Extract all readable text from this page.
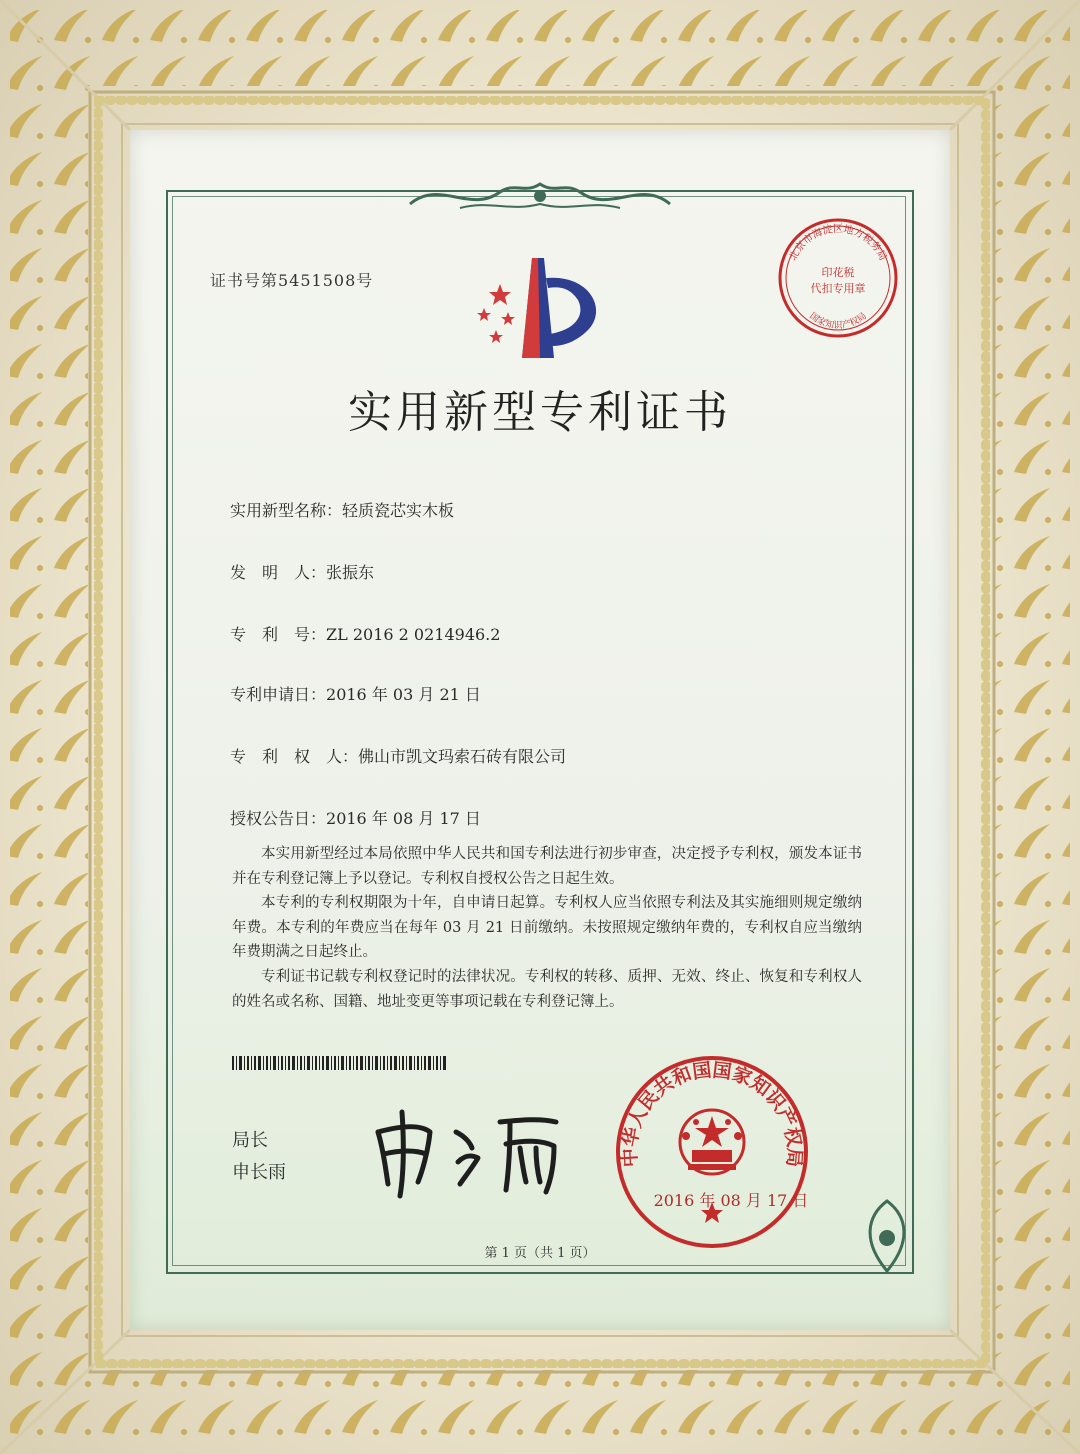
证书号第5451508号
北京市海淀区地方税务局
印花税
代扣专用章
国家知识产权局
实用新型专利证书
实用新型名称：轻质瓷芯实木板
发　明　人：张振东
专　利　号：ZL 2016 2 0214946.2
专利申请日：2016 年 03 月 21 日
专　利　权　人：佛山市凯文玛索石砖有限公司
授权公告日：2016 年 08 月 17 日
本实用新型经过本局依照中华人民共和国专利法进行初步审查，决定授予专利权，颁发本证书并在专利登记簿上予以登记。专利权自授权公告之日起生效。
本专利的专利权期限为十年，自申请日起算。专利权人应当依照专利法及其实施细则规定缴纳年费。本专利的年费应当在每年 03 月 21 日前缴纳。未按照规定缴纳年费的，专利权自应当缴纳年费期满之日起终止。
专利证书记载专利权登记时的法律状况。专利权的转移、质押、无效、终止、恢复和专利权人的姓名或名称、国籍、地址变更等事项记载在专利登记簿上。
局长
申长雨
中华人民共和国国家知识产权局
2016 年 08 月 17 日
第 1 页（共 1 页）
